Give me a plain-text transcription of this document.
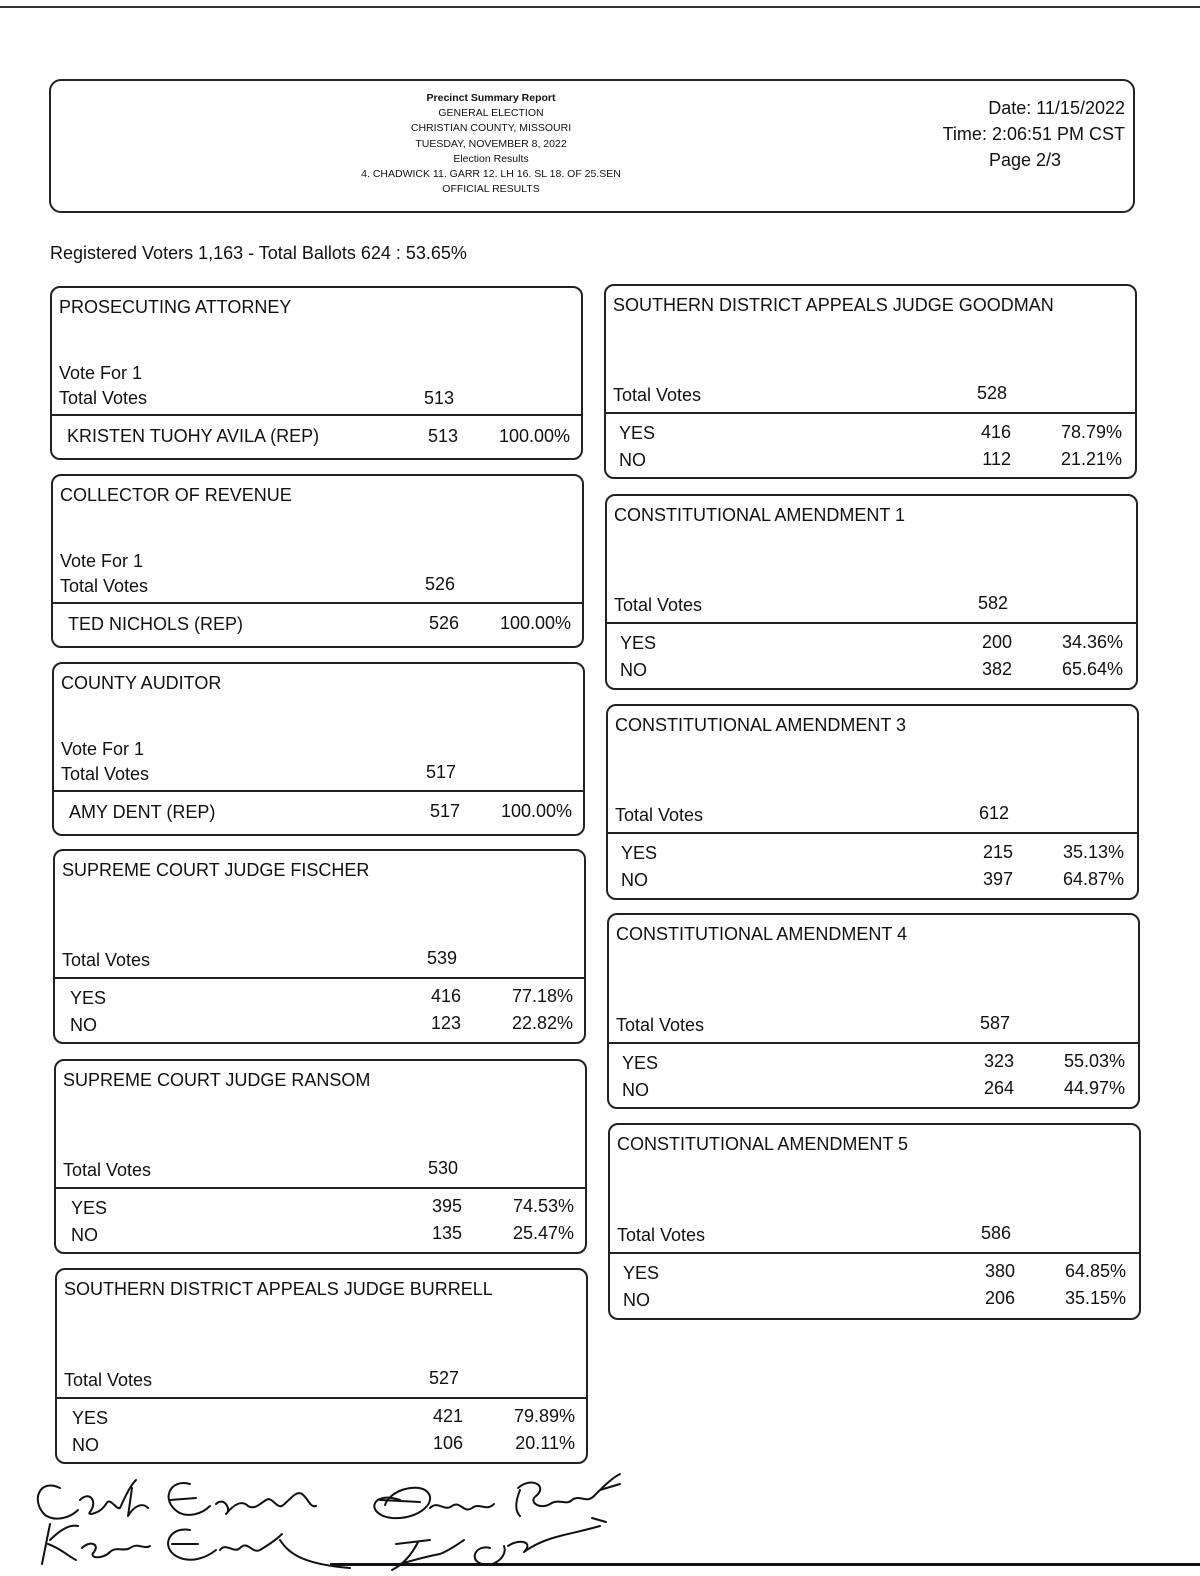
Precinct Summary Report
GENERAL ELECTION
CHRISTIAN COUNTY, MISSOURI
TUESDAY, NOVEMBER 8, 2022
Election Results
4. CHADWICK 11. GARR 12. LH 16. SL 18. OF 25.SEN
OFFICIAL RESULTS
Date: 11/15/2022
Time: 2:06:51 PM CST
Page 2/3
Registered Voters 1,163 - Total Ballots 624 : 53.65%
PROSECUTING ATTORNEY
Vote For 1
Total Votes	513
KRISTEN TUOHY AVILA (REP)	513	100.00%
COLLECTOR OF REVENUE
Vote For 1
Total Votes	526
TED NICHOLS (REP)	526	100.00%
COUNTY AUDITOR
Vote For 1
Total Votes	517
AMY DENT (REP)	517	100.00%
SUPREME COURT JUDGE FISCHER
Total Votes	539
YES	416	77.18%
NO	123	22.82%
SUPREME COURT JUDGE RANSOM
Total Votes	530
YES	395	74.53%
NO	135	25.47%
SOUTHERN DISTRICT APPEALS JUDGE BURRELL
Total Votes	527
YES	421	79.89%
NO	106	20.11%
SOUTHERN DISTRICT APPEALS JUDGE GOODMAN
Total Votes	528
YES	416	78.79%
NO	112	21.21%
CONSTITUTIONAL AMENDMENT 1
Total Votes	582
YES	200	34.36%
NO	382	65.64%
CONSTITUTIONAL AMENDMENT 3
Total Votes	612
YES	215	35.13%
NO	397	64.87%
CONSTITUTIONAL AMENDMENT 4
Total Votes	587
YES	323	55.03%
NO	264	44.97%
CONSTITUTIONAL AMENDMENT 5
Total Votes	586
YES	380	64.85%
NO	206	35.15%
